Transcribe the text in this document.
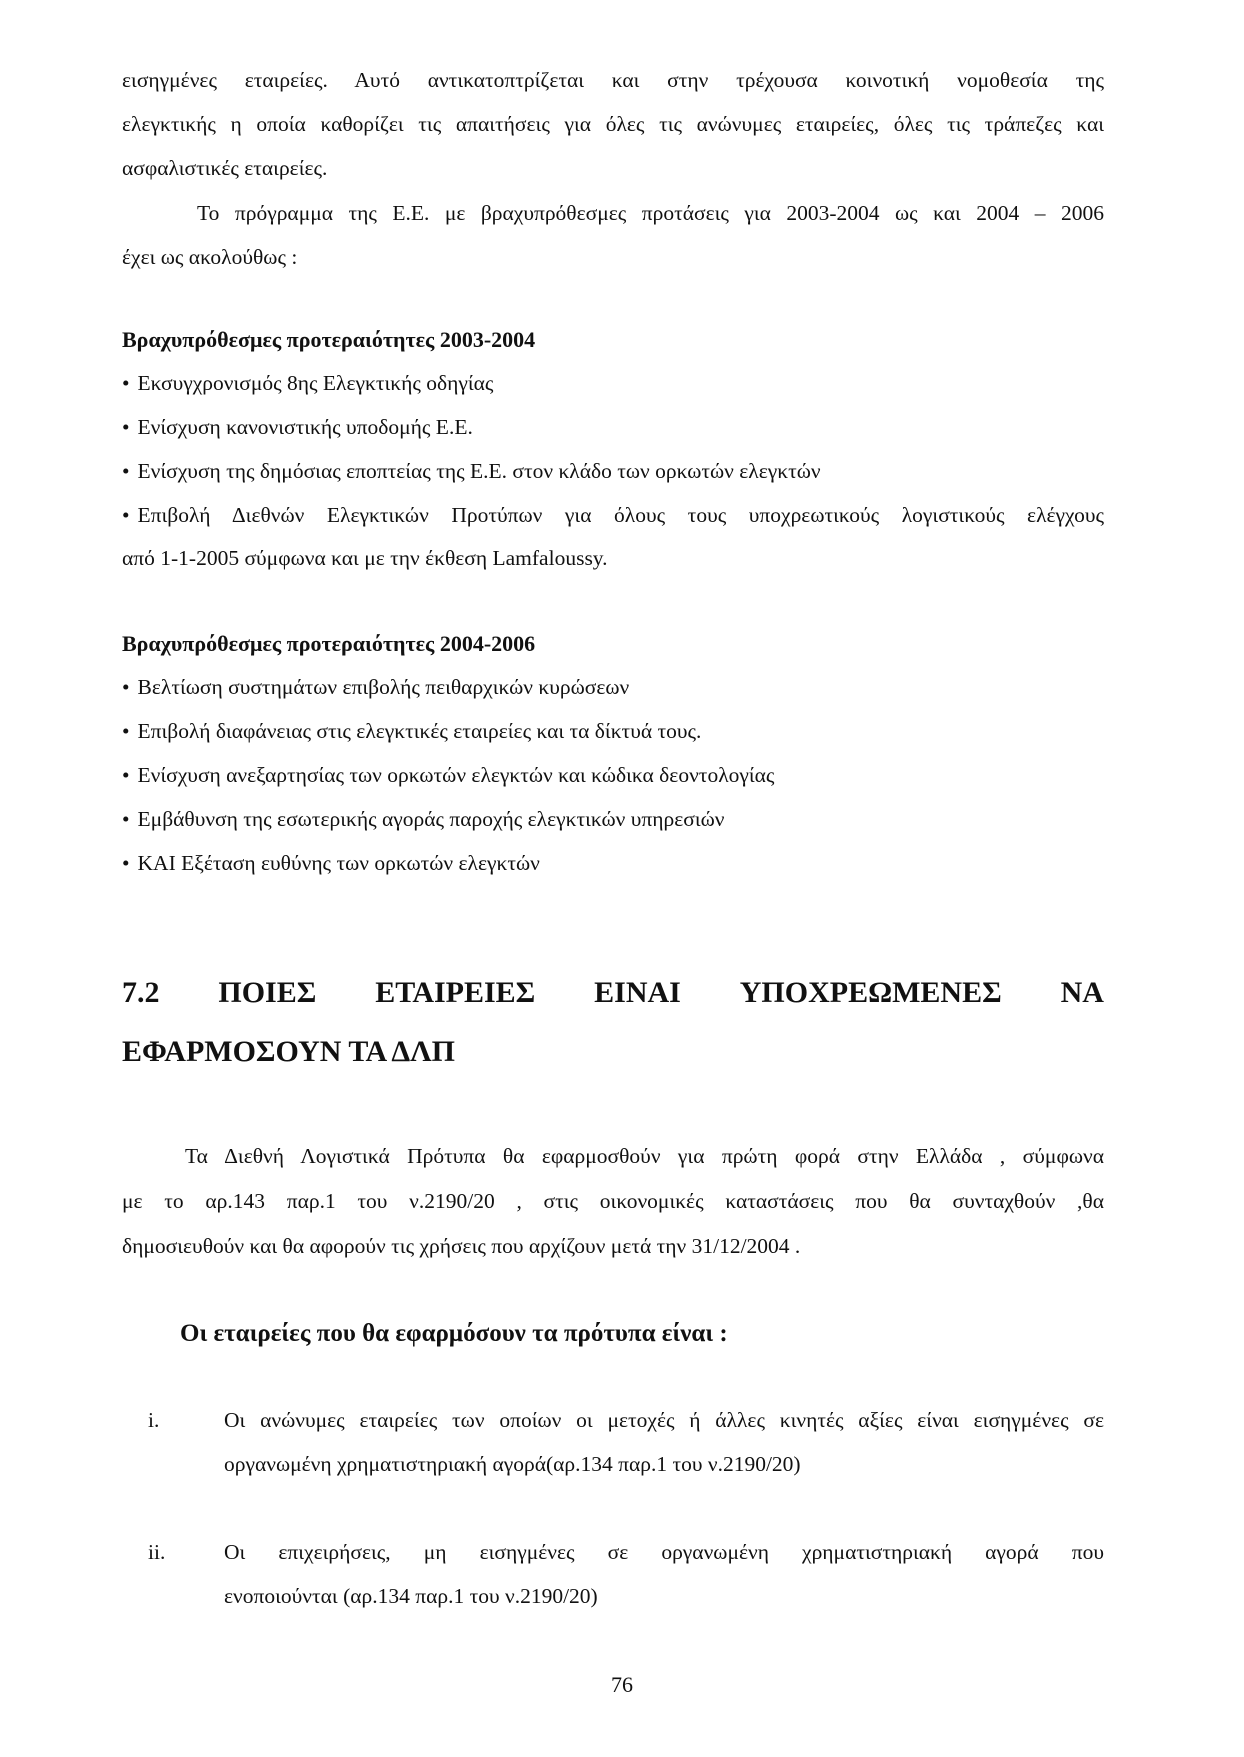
εισηγμένες εταιρείες. Αυτό αντικατοπτρίζεται και στην τρέχουσα κοινοτική νομοθεσία της
ελεγκτικής η οποία καθορίζει τις απαιτήσεις για όλες τις ανώνυμες εταιρείες, όλες τις τράπεζες και
ασφαλιστικές εταιρείες.
Το πρόγραμμα της Ε.Ε. με βραχυπρόθεσμες προτάσεις για 2003-2004 ως και 2004 – 2006
έχει ως ακολούθως :
Βραχυπρόθεσμες προτεραιότητες 2003-2004
• Εκσυγχρονισμός 8ης Ελεγκτικής οδηγίας
• Ενίσχυση κανονιστικής υποδομής Ε.Ε.
• Ενίσχυση της δημόσιας εποπτείας της Ε.Ε. στον κλάδο των ορκωτών ελεγκτών
• Επιβολή Διεθνών Ελεγκτικών Προτύπων για όλους τους υποχρεωτικούς λογιστικούς ελέγχους
από 1-1-2005 σύμφωνα και με την έκθεση Lamfaloussy.
Βραχυπρόθεσμες προτεραιότητες 2004-2006
• Βελτίωση συστημάτων επιβολής πειθαρχικών κυρώσεων
• Επιβολή διαφάνειας στις ελεγκτικές εταιρείες και τα δίκτυά τους.
• Ενίσχυση ανεξαρτησίας των ορκωτών ελεγκτών και κώδικα δεοντολογίας
• Εμβάθυνση της εσωτερικής αγοράς παροχής ελεγκτικών υπηρεσιών
• ΚΑΙ Εξέταση ευθύνης των ορκωτών ελεγκτών
7.2 ΠΟΙΕΣ ΕΤΑΙΡΕΙΕΣ ΕΙΝΑΙ ΥΠΟΧΡΕΩΜΕΝΕΣ ΝΑ
ΕΦΑΡΜΟΣΟΥΝ ΤΑ ΔΛΠ
Τα Διεθνή Λογιστικά Πρότυπα θα εφαρμοσθούν για πρώτη φορά στην Ελλάδα , σύμφωνα
με το αρ.143 παρ.1 του ν.2190/20 , στις οικονομικές καταστάσεις που θα συνταχθούν ,θα
δημοσιευθούν και θα αφορούν τις χρήσεις που αρχίζουν μετά την 31/12/2004 .
Οι εταιρείες που θα εφαρμόσουν τα πρότυπα είναι :
i.	Οι ανώνυμες εταιρείες των οποίων οι μετοχές ή άλλες κινητές αξίες είναι εισηγμένες σε
οργανωμένη χρηματιστηριακή αγορά(αρ.134 παρ.1 του ν.2190/20)
ii.	Οι επιχειρήσεις, μη εισηγμένες σε οργανωμένη χρηματιστηριακή αγορά που
ενοποιούνται (αρ.134 παρ.1 του ν.2190/20)
76
